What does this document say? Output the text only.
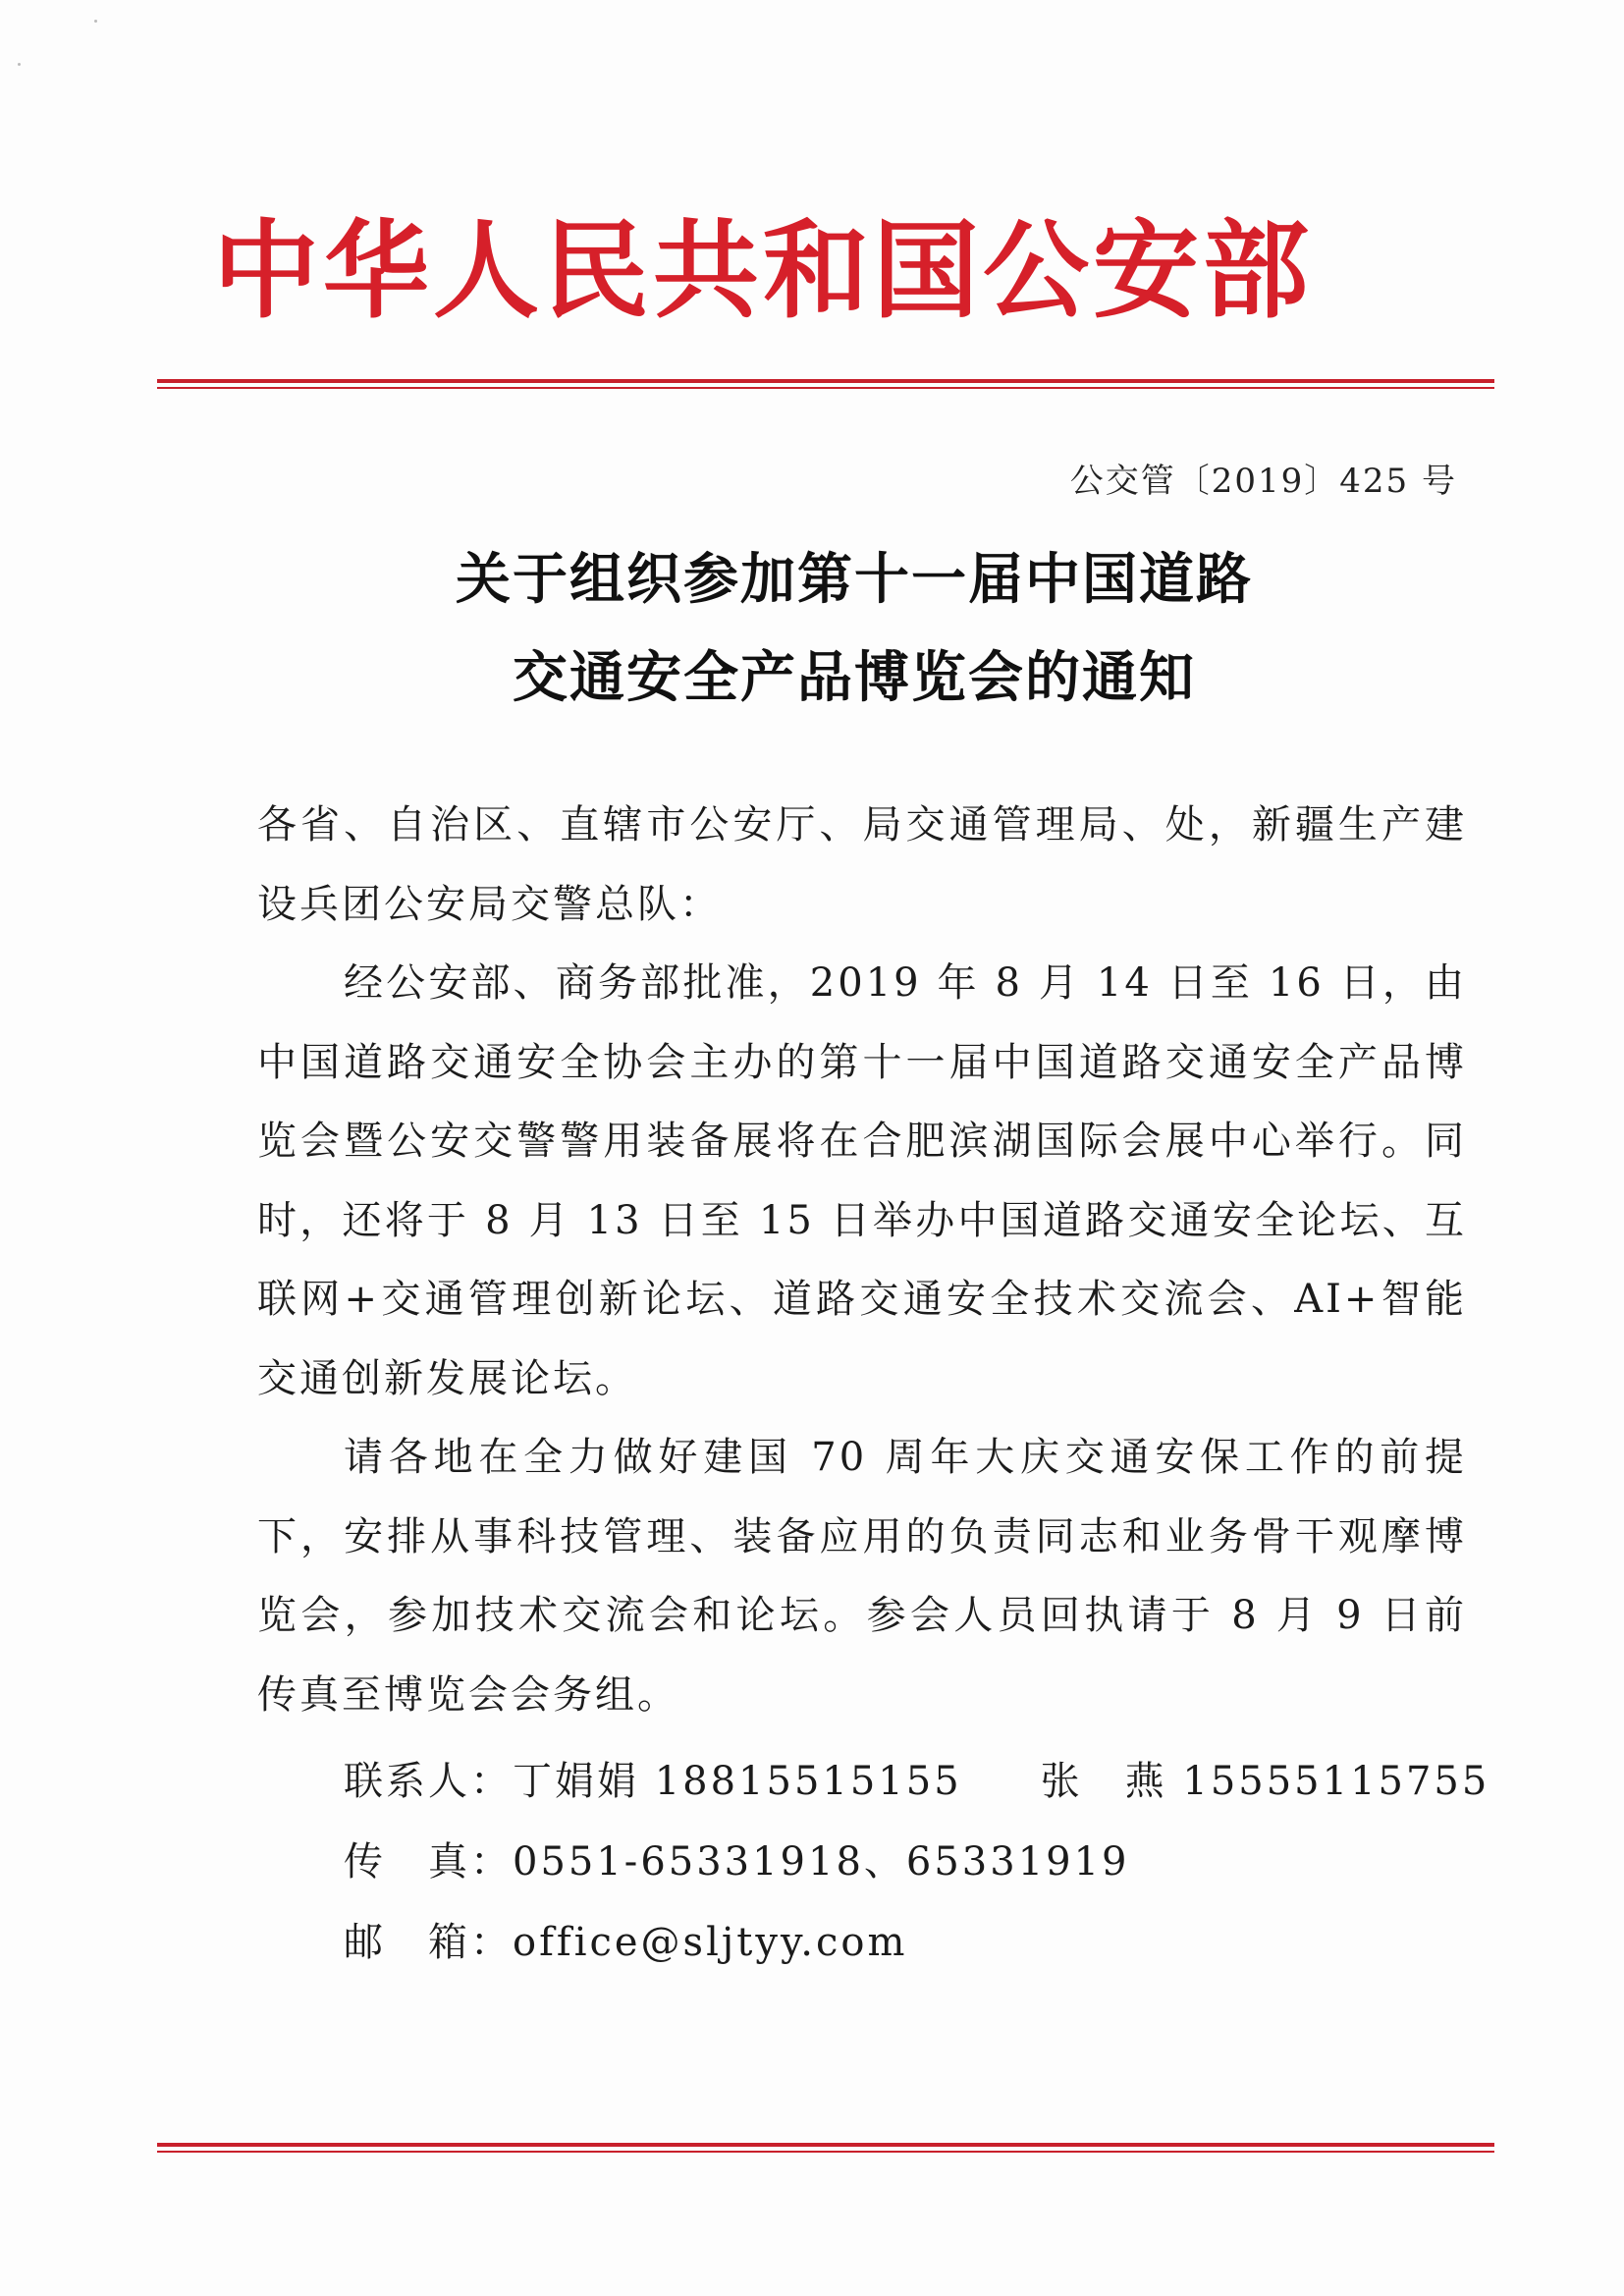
中华人民共和国公安部
公交管〔2019〕425 号
关于组织参加第十一届中国道路
交通安全产品博览会的通知

各省、自治区、直辖市公安厅、局交通管理局、处，新疆生产建设兵团公安局交警总队：

经公安部、商务部批准，2019 年 8 月 14 日至 16 日，由中国道路交通安全协会主办的第十一届中国道路交通安全产品博览会暨公安交警警用装备展将在合肥滨湖国际会展中心举行。同时，还将于 8 月 13 日至 15 日举办中国道路交通安全论坛、互联网+交通管理创新论坛、道路交通安全技术交流会、AI+智能交通创新发展论坛。

请各地在全力做好建国 70 周年大庆交通安保工作的前提下，安排从事科技管理、装备应用的负责同志和业务骨干观摩博览会，参加技术交流会和论坛。参会人员回执请于 8 月 9 日前传真至博览会会务组。

联系人：丁娟娟 18815515155 张　燕 15555115755
传　真：0551-65331918、65331919
邮　箱：office@sljtyy.com
